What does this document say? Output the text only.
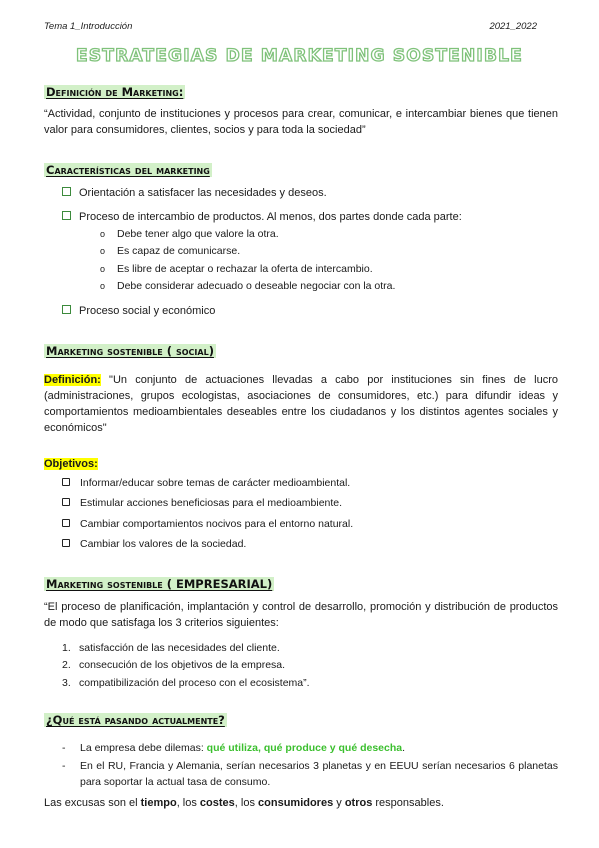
Tema 1_Introducción	2021_2022
ESTRATEGIAS DE MARKETING SOSTENIBLE
Definición de Marketing:
“Actividad, conjunto de instituciones y procesos para crear, comunicar, e intercambiar bienes que tienen valor para consumidores, clientes, socios y para toda la sociedad”
Características del marketing
Orientación a satisfacer las necesidades y deseos.
Proceso de intercambio de productos. Al menos, dos partes donde cada parte:
o Debe tener algo que valore la otra.
o Es capaz de comunicarse.
o Es libre de aceptar o rechazar la oferta de intercambio.
o Debe considerar adecuado o deseable negociar con la otra.
Proceso social y económico
Marketing sostenible ( social)
Definición: "Un conjunto de actuaciones llevadas a cabo por instituciones sin fines de lucro (administraciones, grupos ecologistas, asociaciones de consumidores, etc.) para difundir ideas y comportamientos medioambientales deseables entre los ciudadanos y los distintos agentes sociales y económicos"
Objetivos:
Informar/educar sobre temas de carácter medioambiental.
Estimular acciones beneficiosas para el medioambiente.
Cambiar comportamientos nocivos para el entorno natural.
Cambiar los valores de la sociedad.
Marketing sostenible ( EMPRESARIAL)
“El proceso de planificación, implantación y control de desarrollo, promoción y distribución de productos de modo que satisfaga los 3 criterios siguientes:
1. satisfacción de las necesidades del cliente.
2. consecución de los objetivos de la empresa.
3. compatibilización del proceso con el ecosistema”.
¿Qué está pasando actualmente?
- La empresa debe dilemas: qué utiliza, qué produce y qué desecha.
- En el RU, Francia y Alemania, serían necesarios 3 planetas y en EEUU serían necesarios 6 planetas para soportar la actual tasa de consumo.
Las excusas son el tiempo, los costes, los consumidores y otros responsables.
